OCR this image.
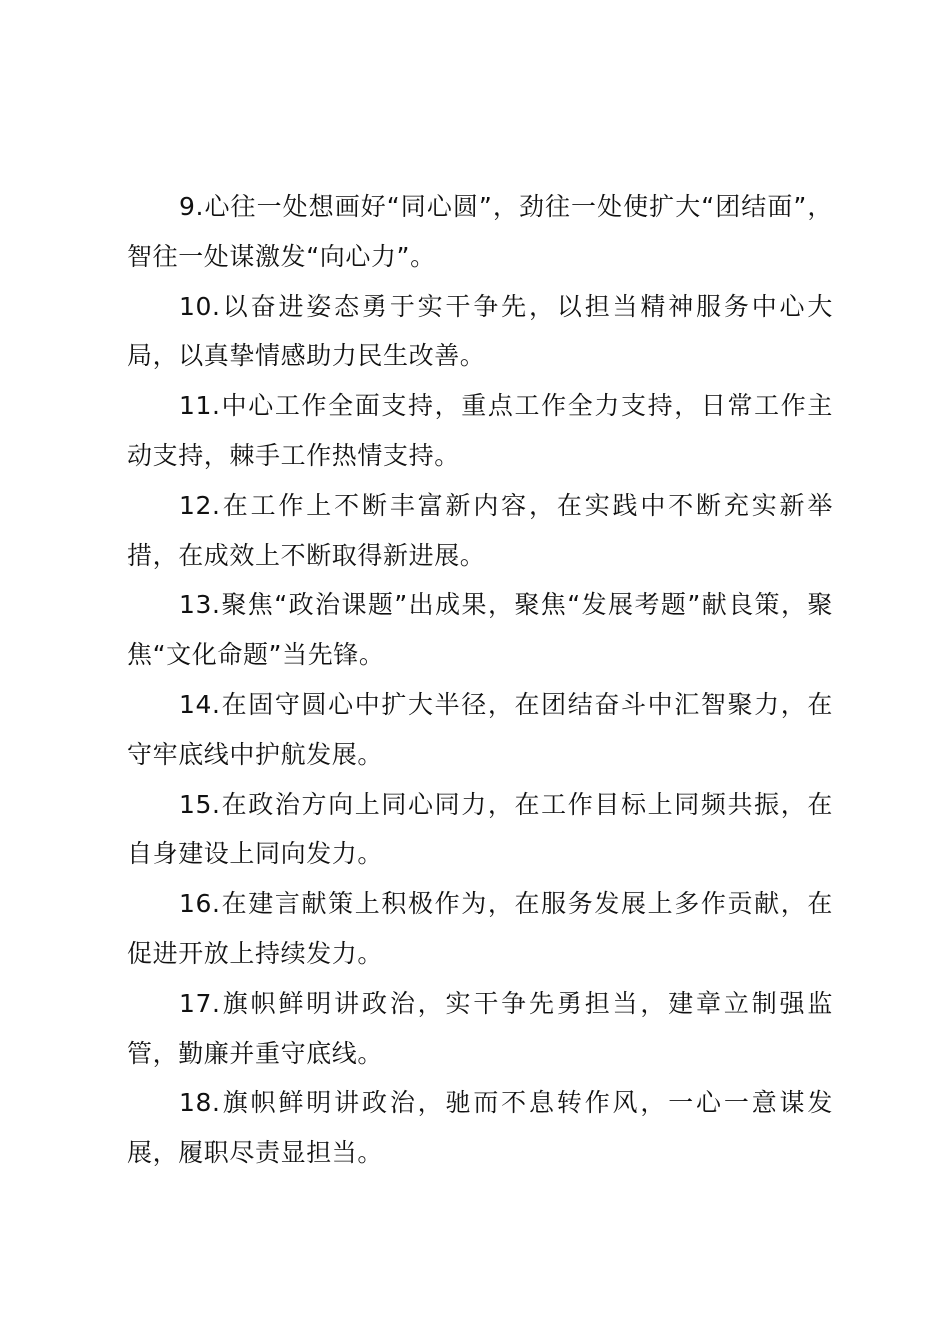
9.心往一处想画好“同心圆”，劲往一处使扩大“团结面”，智往一处谋激发“向心力”。

10.以奋进姿态勇于实干争先，以担当精神服务中心大局，以真挚情感助力民生改善。

11.中心工作全面支持，重点工作全力支持，日常工作主动支持，棘手工作热情支持。

12.在工作上不断丰富新内容，在实践中不断充实新举措，在成效上不断取得新进展。

13.聚焦“政治课题”出成果，聚焦“发展考题”献良策，聚焦“文化命题”当先锋。

14.在固守圆心中扩大半径，在团结奋斗中汇智聚力，在守牢底线中护航发展。

15.在政治方向上同心同力，在工作目标上同频共振，在自身建设上同向发力。

16.在建言献策上积极作为，在服务发展上多作贡献，在促进开放上持续发力。

17.旗帜鲜明讲政治，实干争先勇担当，建章立制强监管，勤廉并重守底线。

18.旗帜鲜明讲政治，驰而不息转作风，一心一意谋发展，履职尽责显担当。
